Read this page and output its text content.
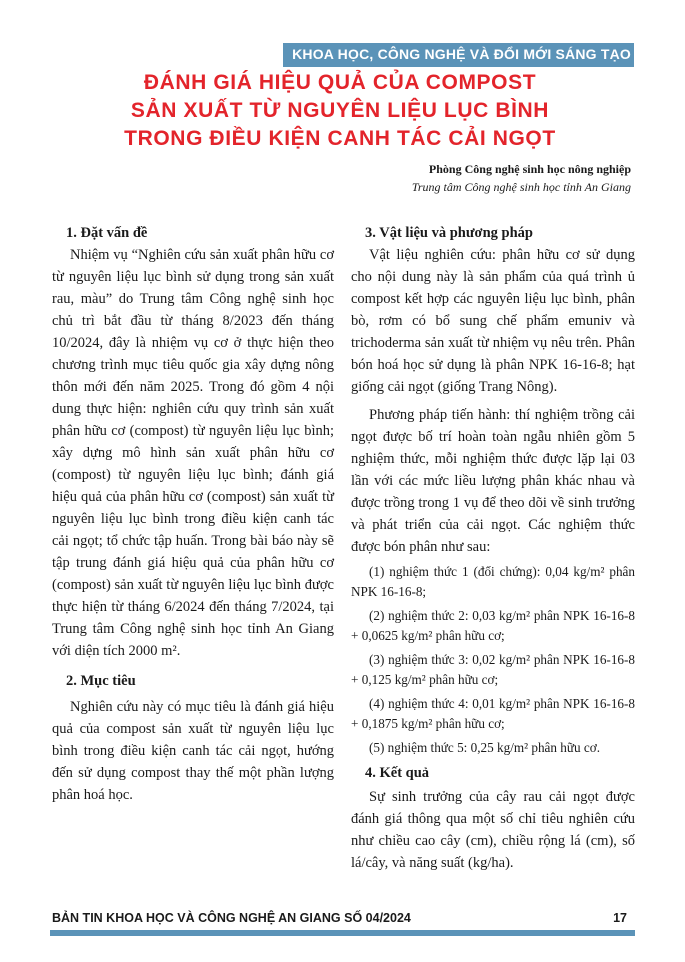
KHOA HỌC, CÔNG NGHỆ VÀ ĐỔI MỚI SÁNG TẠO
ĐÁNH GIÁ HIỆU QUẢ CỦA COMPOST
SẢN XUẤT TỪ NGUYÊN LIỆU LỤC BÌNH
TRONG ĐIỀU KIỆN CANH TÁC CẢI NGỌT
Phòng Công nghệ sinh học nông nghiệp
Trung tâm Công nghệ sinh học tỉnh An Giang

1. Đặt vấn đề

Nhiệm vụ “Nghiên cứu sản xuất phân hữu cơ từ nguyên liệu lục bình sử dụng trong sản xuất rau, màu” do Trung tâm Công nghệ sinh học chủ trì bắt đầu từ tháng 8/2023 đến tháng 10/2024, đây là nhiệm vụ cơ ở thực hiện theo chương trình mục tiêu quốc gia xây dựng nông thôn mới đến năm 2025. Trong đó gồm 4 nội dung thực hiện: nghiên cứu quy trình sản xuất phân hữu cơ (compost) từ nguyên liệu lục bình; xây dựng mô hình sản xuất phân hữu cơ (compost) từ nguyên liệu lục bình; đánh giá hiệu quả của phân hữu cơ (compost) sản xuất từ nguyên liệu lục bình trong điều kiện canh tác cải ngọt; tổ chức tập huấn. Trong bài báo này sẽ tập trung đánh giá hiệu quả của phân hữu cơ (compost) sản xuất từ nguyên liệu lục bình được thực hiện từ tháng 6/2024 đến tháng 7/2024, tại Trung tâm Công nghệ sinh học tỉnh An Giang với diện tích 2000 m².

2. Mục tiêu

Nghiên cứu này có mục tiêu là đánh giá hiệu quả của compost sản xuất từ nguyên liệu lục bình trong điều kiện canh tác cải ngọt, hướng đến sử dụng compost thay thế một phần lượng phân hoá học.

3. Vật liệu và phương pháp

Vật liệu nghiên cứu: phân hữu cơ sử dụng cho nội dung này là sản phẩm của quá trình ủ compost kết hợp các nguyên liệu lục bình, phân bò, rơm có bổ sung chế phẩm emuniv và trichoderma sản xuất từ nhiệm vụ nêu trên. Phân bón hoá học sử dụng là phân NPK 16-16-8; hạt giống cải ngọt (giống Trang Nông).

Phương pháp tiến hành: thí nghiệm trồng cải ngọt được bố trí hoàn toàn ngẫu nhiên gồm 5 nghiệm thức, mỗi nghiệm thức được lặp lại 03 lần với các mức liều lượng phân khác nhau và được trồng trong 1 vụ để theo dõi về sinh trưởng và phát triển của cải ngọt. Các nghiệm thức được bón phân như sau:

(1) nghiệm thức 1 (đối chứng): 0,04 kg/m² phân NPK 16-16-8;

(2) nghiệm thức 2: 0,03 kg/m² phân NPK 16-16-8 + 0,0625 kg/m² phân hữu cơ;

(3) nghiệm thức 3: 0,02 kg/m² phân NPK 16-16-8 + 0,125 kg/m² phân hữu cơ;

(4) nghiệm thức 4: 0,01 kg/m² phân NPK 16-16-8 + 0,1875 kg/m² phân hữu cơ;

(5) nghiệm thức 5: 0,25 kg/m² phân hữu cơ.

4. Kết quả

Sự sinh trưởng của cây rau cải ngọt được đánh giá thông qua một số chỉ tiêu nghiên cứu như chiều cao cây (cm), chiều rộng lá (cm), số lá/cây, và năng suất (kg/ha).

BẢN TIN KHOA HỌC VÀ CÔNG NGHỆ AN GIANG SỐ 04/2024	17
